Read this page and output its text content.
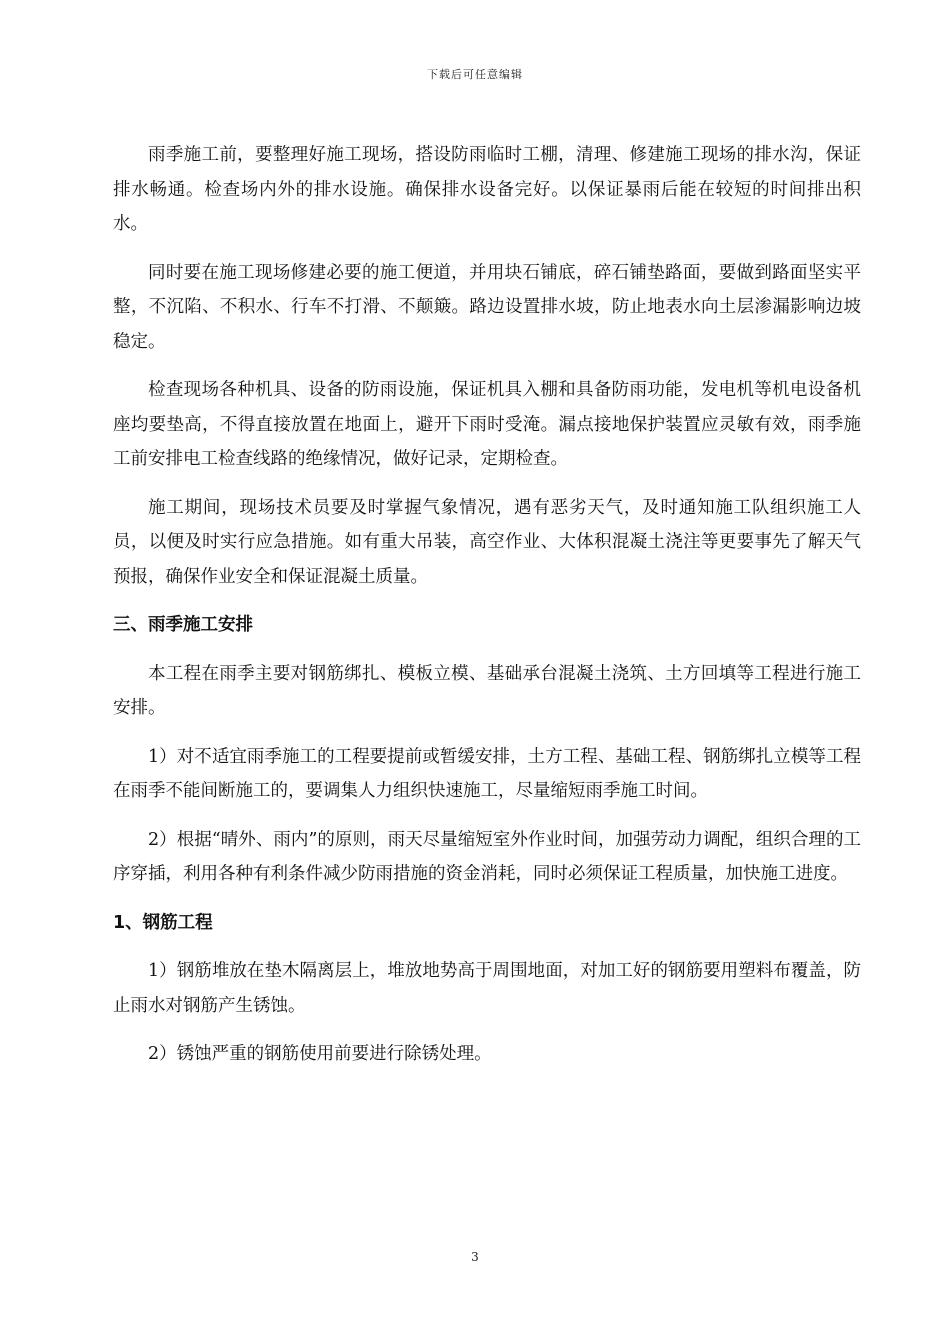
下载后可任意编辑

雨季施工前，要整理好施工现场，搭设防雨临时工棚，清理、修建施工现场的排水沟，保证排水畅通。检查场内外的排水设施。确保排水设备完好。以保证暴雨后能在较短的时间排出积水。

同时要在施工现场修建必要的施工便道，并用块石铺底，碎石铺垫路面，要做到路面坚实平整，不沉陷、不积水、行车不打滑、不颠簸。路边设置排水坡，防止地表水向土层渗漏影响边坡稳定。

检查现场各种机具、设备的防雨设施，保证机具入棚和具备防雨功能，发电机等机电设备机座均要垫高，不得直接放置在地面上，避开下雨时受淹。漏点接地保护装置应灵敏有效，雨季施工前安排电工检查线路的绝缘情况，做好记录，定期检查。

施工期间，现场技术员要及时掌握气象情况，遇有恶劣天气，及时通知施工队组织施工人员，以便及时实行应急措施。如有重大吊装，高空作业、大体积混凝土浇注等更要事先了解天气预报，确保作业安全和保证混凝土质量。

三、雨季施工安排

本工程在雨季主要对钢筋绑扎、模板立模、基础承台混凝土浇筑、土方回填等工程进行施工安排。

1）对不适宜雨季施工的工程要提前或暂缓安排，土方工程、基础工程、钢筋绑扎立模等工程在雨季不能间断施工的，要调集人力组织快速施工，尽量缩短雨季施工时间。

2）根据“晴外、雨内”的原则，雨天尽量缩短室外作业时间，加强劳动力调配，组织合理的工序穿插，利用各种有利条件减少防雨措施的资金消耗，同时必须保证工程质量，加快施工进度。

1、钢筋工程

1）钢筋堆放在垫木隔离层上，堆放地势高于周围地面，对加工好的钢筋要用塑料布覆盖，防止雨水对钢筋产生锈蚀。

2）锈蚀严重的钢筋使用前要进行除锈处理。

3
